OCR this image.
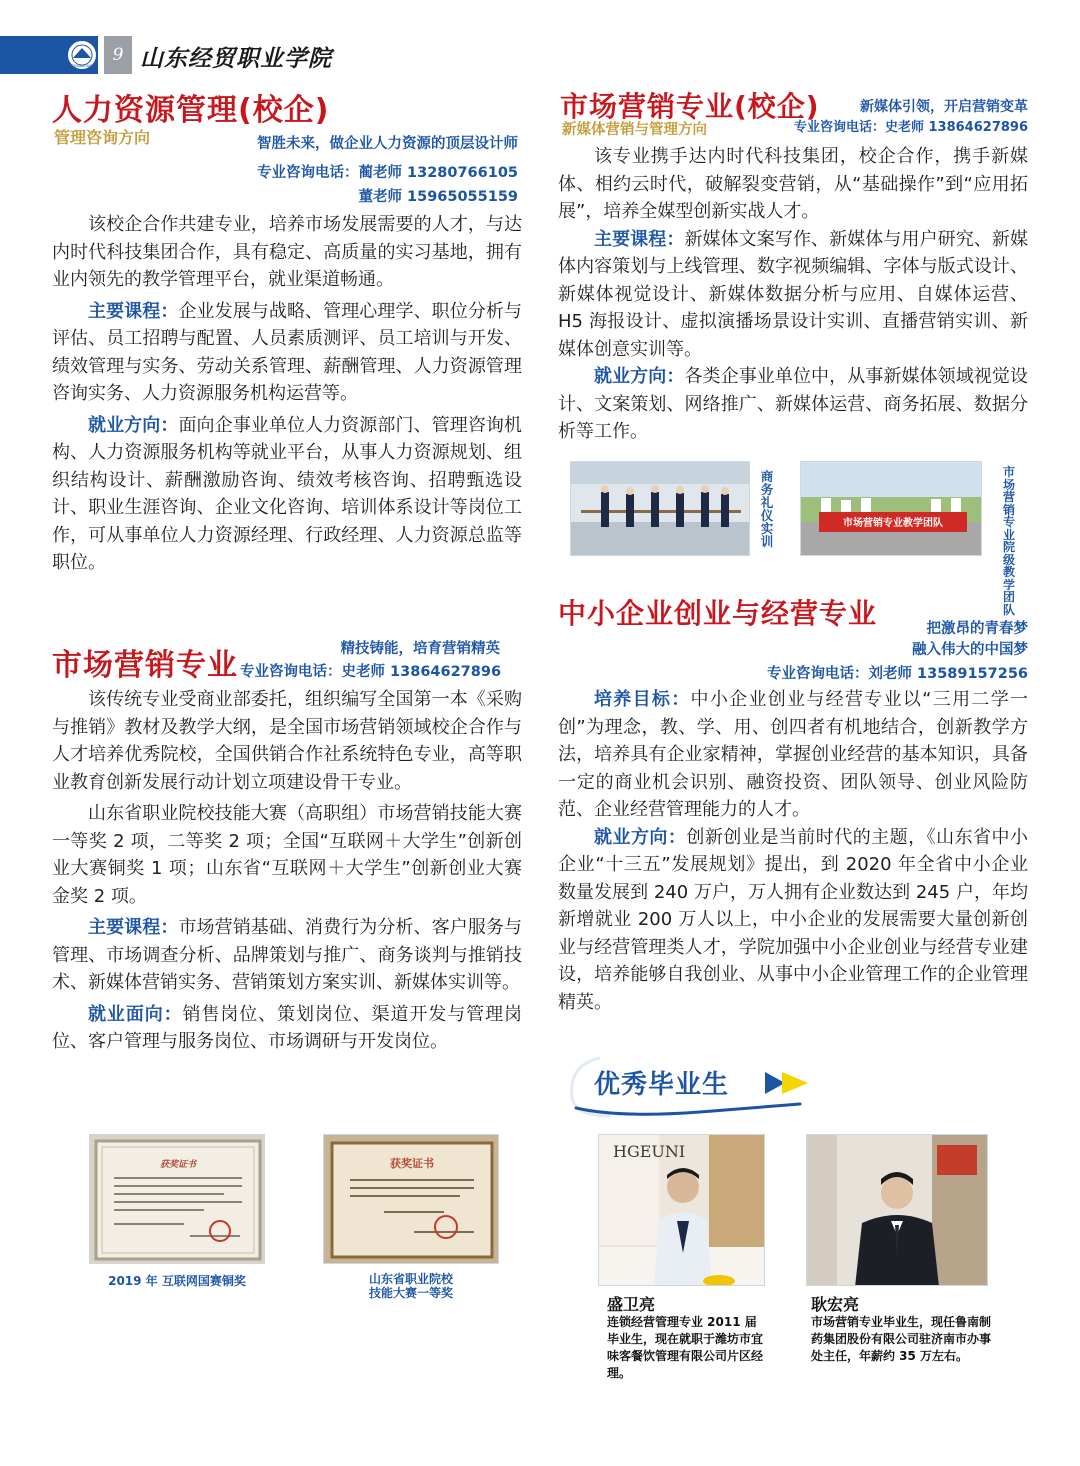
SHANDONG
9 山东经贸职业学院
人力资源管理(校企)
管理咨询方向	智胜未来，做企业人力资源的顶层设计师
专业咨询电话：蔺老师 13280766105
董老师 15965055159

该校企合作共建专业，培养市场发展需要的人才，与达内时代科技集团合作，具有稳定、高质量的实习基地，拥有业内领先的教学管理平台，就业渠道畅通。

主要课程：企业发展与战略、管理心理学、职位分析与评估、员工招聘与配置、人员素质测评、员工培训与开发、绩效管理与实务、劳动关系管理、薪酬管理、人力资源管理咨询实务、人力资源服务机构运营等。

就业方向：面向企事业单位人力资源部门、管理咨询机构、人力资源服务机构等就业平台，从事人力资源规划、组织结构设计、薪酬激励咨询、绩效考核咨询、招聘甄选设计、职业生涯咨询、企业文化咨询、培训体系设计等岗位工作，可从事单位人力资源经理、行政经理、人力资源总监等职位。

市场营销专业	精技铸能，培育营销精英
专业咨询电话：史老师 13864627896

该传统专业受商业部委托，组织编写全国第一本《采购与推销》教材及教学大纲，是全国市场营销领域校企合作与人才培养优秀院校，全国供销合作社系统特色专业，高等职业教育创新发展行动计划立项建设骨干专业。

山东省职业院校技能大赛（高职组）市场营销技能大赛一等奖 2 项，二等奖 2 项；全国“互联网＋大学生”创新创业大赛铜奖 1 项；山东省“互联网＋大学生”创新创业大赛金奖 2 项。

主要课程：市场营销基础、消费行为分析、客户服务与管理、市场调查分析、品牌策划与推广、商务谈判与推销技术、新媒体营销实务、营销策划方案实训、新媒体实训等。

就业面向：销售岗位、策划岗位、渠道开发与管理岗位、客户管理与服务岗位、市场调研与开发岗位。

获奖证书
2019 年 互联网国赛铜奖
获奖证书
山东省职业院校
技能大赛一等奖
市场营销专业(校企)
新媒体营销与管理方向
新媒体引领，开启营销变革
专业咨询电话：史老师 13864627896

该专业携手达内时代科技集团，校企合作，携手新媒体、相约云时代，破解裂变营销，从“基础操作”到“应用拓展”，培养全媒型创新实战人才。

主要课程：新媒体文案写作、新媒体与用户研究、新媒体内容策划与上线管理、数字视频编辑、字体与版式设计、新媒体视觉设计、新媒体数据分析与应用、自媒体运营、H5 海报设计、虚拟演播场景设计实训、直播营销实训、新媒体创意实训等。

就业方向：各类企事业单位中，从事新媒体领域视觉设计、文案策划、网络推广、新媒体运营、商务拓展、数据分析等工作。

商务礼仪实训
市场营销专业教学团队
市场营销专业院级教学团队
中小企业创业与经营专业	把激昂的青春梦
融入伟大的中国梦
专业咨询电话：刘老师 13589157256

培养目标：中小企业创业与经营专业以“三用二学一创”为理念，教、学、用、创四者有机地结合，创新教学方法，培养具有企业家精神，掌握创业经营的基本知识，具备一定的商业机会识别、融资投资、团队领导、创业风险防范、企业经营管理能力的人才。

就业方向：创新创业是当前时代的主题，《山东省中小企业“十三五”发展规划》提出，到 2020 年全省中小企业数量发展到 240 万户，万人拥有企业数达到 245 户，年均新增就业 200 万人以上，中小企业的发展需要大量创新创业与经营管理类人才，学院加强中小企业创业与经营专业建设，培养能够自我创业、从事中小企业管理工作的企业管理精英。

优秀毕业生
HGEUNI
盛卫亮
连锁经营管理专业 2011 届毕业生，现在就职于潍坊市宜味客餐饮管理有限公司片区经理。
耿宏亮
市场营销专业毕业生，现任鲁南制药集团股份有限公司驻济南市办事处主任，年薪约 35 万左右。
